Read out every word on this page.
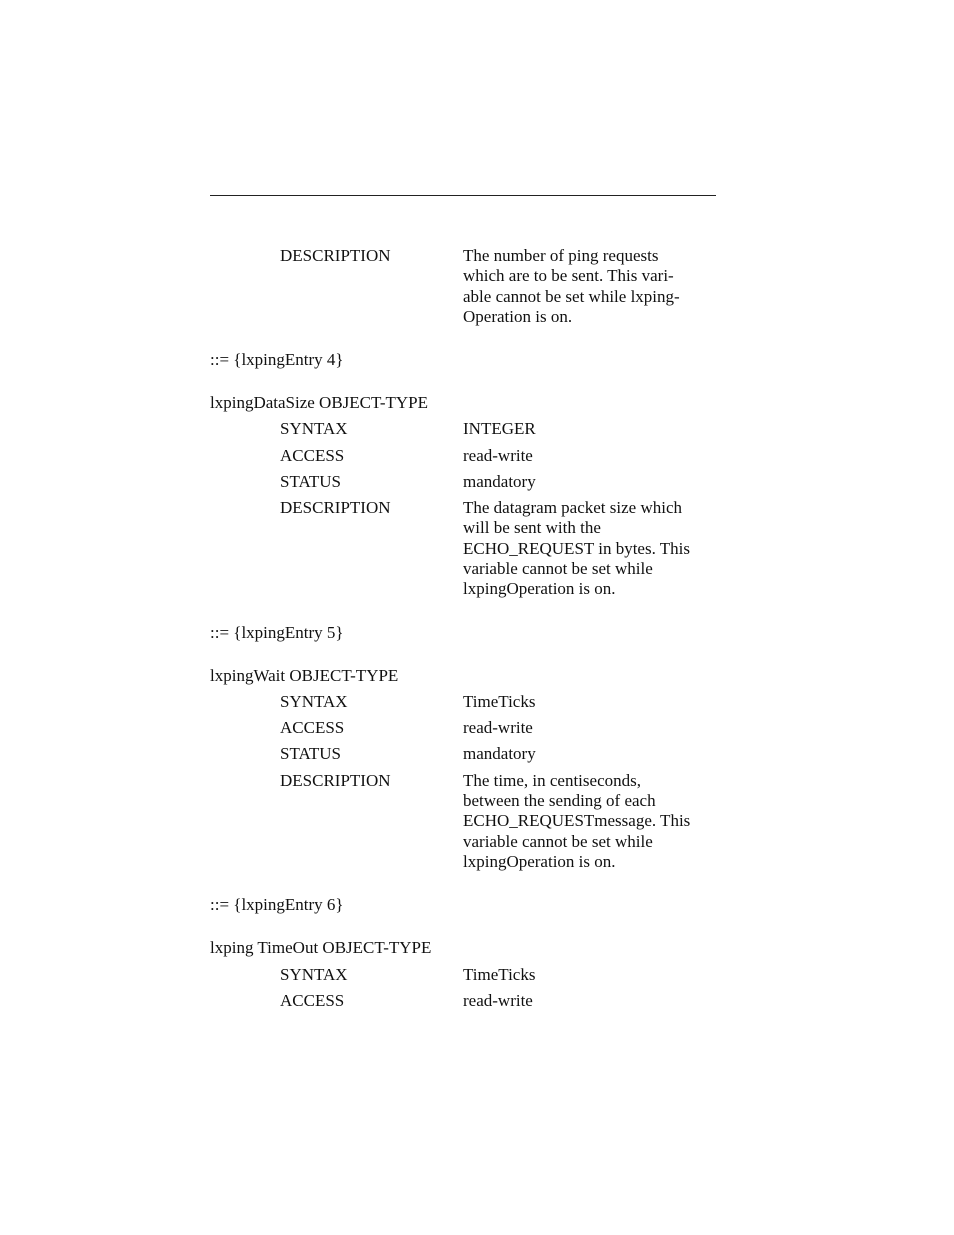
DESCRIPTION	The number of ping requests
which are to be sent. This vari-
able cannot be set while lxping-
Operation is on.
::= {lxpingEntry 4}
lxpingDataSize OBJECT-TYPE
SYNTAX	INTEGER
ACCESS	read-write
STATUS	mandatory
DESCRIPTION	The datagram packet size which
will be sent with the
ECHO_REQUEST in bytes. This
variable cannot be set while
lxpingOperation is on.
::= {lxpingEntry 5}
lxpingWait OBJECT-TYPE
SYNTAX	TimeTicks
ACCESS	read-write
STATUS	mandatory
DESCRIPTION	The time, in centiseconds,
between the sending of each
ECHO_REQUESTmessage. This
variable cannot be set while
lxpingOperation is on.
::= {lxpingEntry 6}
lxping TimeOut OBJECT-TYPE
SYNTAX	TimeTicks
ACCESS	read-write
